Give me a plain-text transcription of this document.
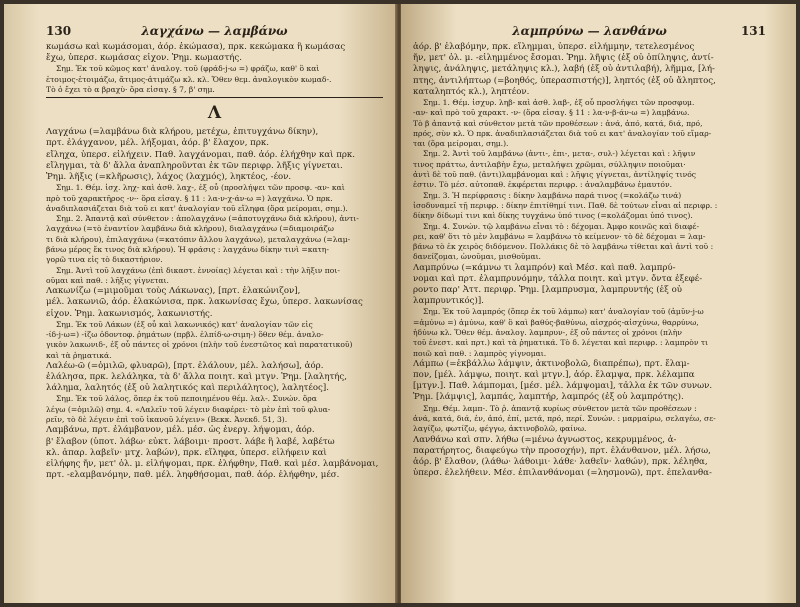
130	λαγχάνω — λαμβάνω
κωμάσω καὶ κωμάσομαι, ἀόρ. ἐκώμασα), πρκ. κεκώμακα ἢ κωμάσας
ἔχω, ὑπερσ. κωμάσας εἶχον. Ῥημ. κωμαστής.
Σημ. Ἐκ τοῦ κῶμος κατ' ἀναλογ. τοῦ (φράδ-j-ω =) φράζω, καθ' ὃ καὶ
ἑτοιμος-ἑτοιμάζω, ἄτιμος-ἀτιμάζω κλ. κλ. Ὅθεν θεμ. ἀναλογικὸν κωμαδ-.
Τὸ ὀ ἔχει τὸ α βραχὺ· ὅρα εἰσαγ. § 7, β' σημ.
Λ
Λαγχάνω (=λαμβάνω διὰ κλήρου, μετέχω, ἐπιτυγχάνω δίκην),
πρτ. ἐλάγχανον, μέλ. λήξομαι, ἀόρ. β' ἔλαχον, πρκ.
εἴληχα, ὑπερσ. εἰλήχειν. Παθ. λαγχάνομαι, παθ. ἀόρ. ἐλήχθην καὶ πρκ.
εἴληγμαι, τὰ δ' ἄλλα ἀναπληροῦνται ἐκ τῶν περιφρ. λῆξις γίγνεται.
Ῥημ. λῆξις (=κλῆρωσις), λάχος (λαχμός), ληκτέος, -έον.
Σημ. 1. Θέμ. ἰσχ. ληχ- καὶ ἀσθ. λαχ-, ἐξ οὗ (προσλήψει τῶν προσφ. -αν- καὶ
πρὸ τοῦ χαρακτῆρος -ν-· ὅρα εἰσαγ. § 11 : λα-ν-χ-άν-ω =) λαγχάνω. Ὁ πρκ.
ἀναδιπλασιάζεται διὰ τοῦ ει κατ' ἀναλογίαν τοῦ εἴληφα (ὅρα μείρομαι, σημ.).
Σημ. 2. Ἀπαντᾷ καὶ σύνθετον : ἀπολαγχάνω (=ἀποτυγχάνω διὰ κλήρου), ἀντι-
λαγχάνω (=τὸ ἐναντίον λαμβάνω διὰ κλήρου), διαλαγχάνω (=διαμοιράζω
τι διὰ κλήρου), ἐπιλαγχάνω (=κατόπιν ἄλλου λαγχάνω), μεταλαγχάνω (=λαμ-
βάνω μέρος ἔκ τινος διὰ κλήρου). Ἡ φράσις : λαγχάνω δίκην τινὶ =κατη-
γορῶ τινα εἰς τὸ δικαστήριον.
Σημ. Ἀντὶ τοῦ λαγχάνω (ἐπὶ δικαστ. ἐννοίας) λέγεται καὶ : τὴν λῆξιν ποι-
οῦμαι καὶ παθ. : λῆξις γίγνεται.
Λακωνίζω (=μιμοῦμαι τοὺς Λάκωνας), [πρτ. ἐλακώνιζον],
μέλ. λακωνιῶ, ἀόρ. ἐλακώνισα, πρκ. λακωνίσας ἔχω, ὑπερσ. λακωνίσας
εἶχον. Ῥημ. λακωνισμός, λακωνιστής.
Σημ. Ἐκ τοῦ Λάκων (ἐξ οὗ καὶ λακωνικός) κατ' ἀναλογίαν τῶν εἰς
-ίδ-j-ω=) -ίζω ὀδοντοφ. ῥημάτων (πρβλ. ἐλπίδ-ω-σιμη-) ὅθεν θέμ. ἀναλο-
γικὸν λακωνιδ-, ἐξ οὗ πάντες οἱ χρόνοι (πλὴν τοῦ ἐνεστῶτος καὶ παρατατικοῦ)
καὶ τὰ ῥηματικά.
Λαλέω-ῶ (=ὁμιλῶ, φλυαρῶ), [πρτ. ἐλάλουν, μέλ. λαλήσω], ἀόρ.
ἐλάλησα, πρκ. λελάληκα, τὰ δ' ἄλλα ποιητ. καὶ μτγν. Ῥημ. [λαλητής,
λάλημα, λαλητός (ἐξ οὗ λαλητικός καὶ περιλάλητος), λαλητέος].
Σημ. Ἐκ τοῦ λάλος, ὅπερ ἐκ τοῦ πεποιημένου θέμ. λαλ-. Συνών. ὅρα
λέγω (=ὁμιλῶ) σημ. 4. «Λαλεῖν τοῦ λέγειν διαφέρει· τὸ μὲν ἐπὶ τοῦ φλυα-
ρεῖν, τὸ δὲ λέγειν ἐπὶ τοῦ ἱκανοῦ λέγειν» (Βεκκ. Ἀνεκδ. 51, 3).
Λαμβάνω, πρτ. ἐλάμβανον, μέλ. μέσ. ὡς ἐνεργ. λήψομαι, ἀόρ.
β' ἔλαβον (ὑποτ. λάβω· εὐκτ. λάβοιμι· προστ. λάβε ἢ λαβέ, λαβέτω
κλ. ἀπαρ. λαβεῖν· μτχ. λαβών), πρκ. εἴληφα, ὑπερσ. εἰλήφειν καὶ
εἰλήφης ἤν, μετ' ὀλ. μ. εἰλήψομαι, πρκ. ἐλήφθην, Παθ. καὶ μέσ. λαμβάνομαι,
πρτ. -ελαμβανόμην, παθ. μέλ. ληφθήσομαι, παθ. ἀόρ. ἐλήφθην, μέσ.
λαμπρύνω — λανθάνω	131
ἀόρ. β' ἐλαβόμην, πρκ. εἴλημμαι, ὑπερσ. εἰλήμμην, τετελεσμένος
ἤν, μετ' ὀλ. μ. -εἰλημμένος ἔσομαι. Ῥημ. λῆψις (ἐξ οὗ ὀπίληψις, ἀντί-
ληψις, ἀνάληψις, μετάληψις κλ.), λαβή (ἐξ οὗ ἀντιλαβή), λῆμμα, [λή-
πτης, ἀντιλήπτωρ (=βοηθός, ὑπερασπιστής)], ληπτός (ἐξ οὗ ἄληπτος,
καταληπτός κλ.), ληπτέον.
Σημ. 1. Θέμ. ἰσχυρ. ληβ- καὶ ἀσθ. λαβ-, ἐξ οὗ προσλήψει τῶν προσφυμ.
-αν- καὶ πρὸ τοῦ χαρακτ. -ν- (ὅρα εἰσαγ. § 11 : λα-ν-β-άν-ω =) λαμβάνω.
Τὸ β ἀπαντᾷ καὶ σύνθετον μετὰ τῶν προθέσεων : ἀνά, ἀπό, κατά, διά, πρό,
πρός, σὺν κλ. Ὁ πρκ. ἀναδιπλασιάζεται διὰ τοῦ ει κατ' ἀναλογίαν τοῦ εἴμαρ-
ται (ὅρα μείρομαι, σημ.).
Σημ. 2. Ἀντὶ τοῦ λαμβάνω (ἀντι-, ἐπι-, μετα-, συλ-) λέγεται καὶ : λῆψιν
τινος πράττω, ἀντιλαβὴν ἔχω, μεταλήψει χρῶμαι, σύλληψιν ποιοῦμαι·
ἀντὶ δὲ τοῦ παθ. (ἀντι)λαμβάνομαι καὶ : λῆψις γίγνεται, ἀντίληψίς τινός
ἐστιν. Τὸ μέσ. αὐτοπαθ. ἐκφέρεται περιφρ. : ἀναλαμβάνω ἐμαυτόν.
Σημ. 3. Ἡ περίφρασις : δίκην λαμβάνω παρά τινος (=κολάζω τινά)
ἰσοδυναμεῖ τῇ περιφρ. : δίκην ἐπιτίθημί τινι. Παθ. δὲ τούτων εἶναι αἱ περιφρ. :
δίκην δίδωμί τινι καὶ δίκης τυγχάνω ὑπό τινος (=κολάζομαι ὑπό τινος).
Σημ. 4. Συνών. τῷ λαμβάνω εἶναι τὸ : δέχομαι. Ἀμφο κοινῶς καὶ διαφέ-
ρει, καθ' ὅτι τὸ μὲν λαμβάνω = λαμβάνω τὸ κείμενον· τὸ δὲ δέχομαι = λαμ-
βάνω τὸ ἐκ χειρὸς διδόμενον. Πολλάκις δὲ τὸ λαμβάνω τίθεται καὶ ἀντὶ τοῦ :
δανείζομαι, ὠνοῦμαι, μισθοῦμαι.
Λαμπρύνω (=κάμνω τι λαμπρόν) καὶ Μέσ. καὶ παθ. λαμπρύ-
νομαι καὶ πρτ. ἐλαμπρυνόμην, τἆλλα ποιητ. καὶ μτγν. ὄντα ἐξεφέ-
ροντο παρ' Ἀττ. περιφρ. Ῥημ. [λαμπρυσμα, λαμπρυντής (ἐξ οὗ
λαμπρυντικός)].
Σημ. Ἐκ τοῦ λαμπρός (ὅπερ ἐκ τοῦ λάμπω) κατ' ἀναλογίαν τοῦ (ἀμῦν-j-ω
=ἀμύνω =) ἀμύνω, καθ' ὃ καὶ βαθύς-βαθύνω, αἰσχρός-αἰσχύνω, θαρρύνω,
ἡδύνω κλ. Ὅθεν θέμ. ἀναλογ. λαμπρυν-, ἐξ οὗ πάντες οἱ χρόνοι (πλὴν
τοῦ ἐνεστ. καὶ πρτ.) καὶ τὰ ῥηματικά. Τὸ δ. λέγεται καὶ περιφρ. : λαμπρὸν τι
ποιῶ καὶ παθ. : λαμπρὸς γίγνομαι.
Λάμπω (=ἐκβάλλω λάμψιν, ἀκτινοβολῶ, διαπρέπω), πρτ. ἔλαμ-
πον, [μέλ. λάμψω, ποιητ. καὶ μτγν.], ἀόρ. ἔλαμψα, πρκ. λέλαμπα
[μτγν.]. Παθ. λάμπομαι, [μέσ. μέλ. λάμψομαι], τἆλλα ἐκ τῶν συνων.
Ῥημ. [λάμψις], λαμπάς, λαμπτήρ, λαμπρός (ἐξ οὗ λαμπρότης).
Σημ. Θέμ. λαμπ-. Τὸ ῥ. ἀπαντᾷ κυρίως σύνθετον μετὰ τῶν προθέσεων :
ἀνά, κατά, διά, ἐν, ἀπό, ἐπί, μετά, πρό, περί. Συνών. : μαρμαίρω, σελαγέω, σε-
λαγίζω, φωτίζω, φέγγω, ἀκτινοβολῶ, φαίνω.
Λανθάνω καὶ σπν. λήθω (=μένω ἀγνωστος, κεκρυμμένος, ἀ-
παρατήρητος, διαφεύγω τὴν προσοχήν), πρτ. ἐλάνθανον, μέλ. λήσω,
ἀόρ. β' ἔλαθον, (λάθω· λάθοιμι· λάθε· λαθεῖν· λαθών), πρκ. λέληθα,
ὑπερσ. ἐλελήθειν. Μέσ. ἐπιλανθάνομαι (=λησμονῶ), πρτ. ἐπελανθα-
